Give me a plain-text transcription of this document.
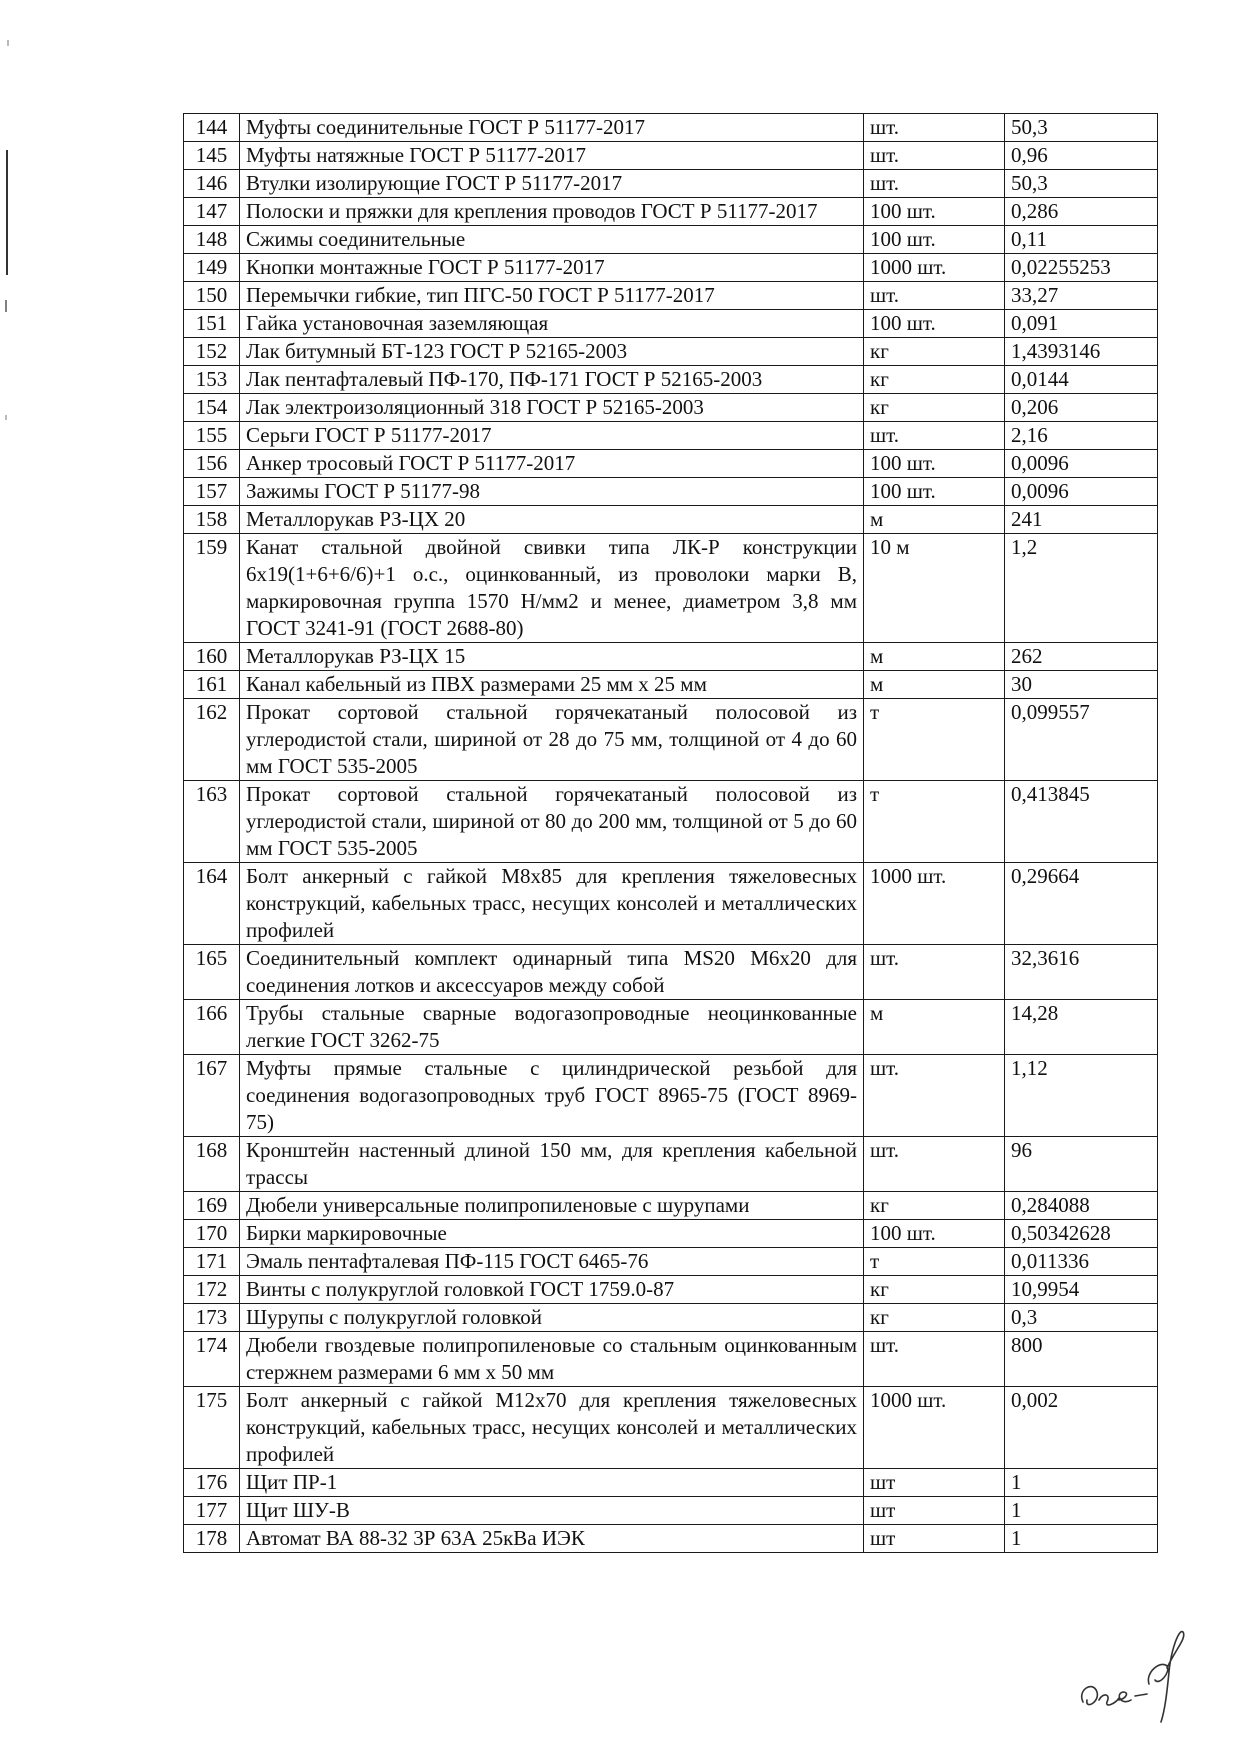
144	Муфты соединительные ГОСТ Р 51177-2017	шт.	50,3
145	Муфты натяжные ГОСТ Р 51177-2017	шт.	0,96
146	Втулки изолирующие ГОСТ Р 51177-2017	шт.	50,3
147	Полоски и пряжки для крепления проводов ГОСТ Р 51177-2017	100 шт.	0,286
148	Сжимы соединительные	100 шт.	0,11
149	Кнопки монтажные ГОСТ Р 51177-2017	1000 шт.	0,02255253
150	Перемычки гибкие, тип ПГС-50 ГОСТ Р 51177-2017	шт.	33,27
151	Гайка установочная заземляющая	100 шт.	0,091
152	Лак битумный БТ-123 ГОСТ Р 52165-2003	кг	1,4393146
153	Лак пентафталевый ПФ-170, ПФ-171 ГОСТ Р 52165-2003	кг	0,0144
154	Лак электроизоляционный 318 ГОСТ Р 52165-2003	кг	0,206
155	Серьги ГОСТ Р 51177-2017	шт.	2,16
156	Анкер тросовый ГОСТ Р 51177-2017	100 шт.	0,0096
157	Зажимы ГОСТ Р 51177-98	100 шт.	0,0096
158	Металлорукав РЗ-ЦХ 20	м	241
159	Канат стальной двойной свивки типа ЛК-Р конструкции 6х19(1+6+6/6)+1 о.с., оцинкованный, из проволоки марки В, маркировочная группа 1570 Н/мм2 и менее, диаметром 3,8 мм ГОСТ 3241-91 (ГОСТ 2688-80)	10 м	1,2
160	Металлорукав РЗ-ЦХ 15	м	262
161	Канал кабельный из ПВХ размерами 25 мм х 25 мм	м	30
162	Прокат сортовой стальной горячекатаный полосовой из углеродистой стали, шириной от 28 до 75 мм, толщиной от 4 до 60 мм ГОСТ 535-2005	т	0,099557
163	Прокат сортовой стальной горячекатаный полосовой из углеродистой стали, шириной от 80 до 200 мм, толщиной от 5 до 60 мм ГОСТ 535-2005	т	0,413845
164	Болт анкерный с гайкой М8х85 для крепления тяжеловесных конструкций, кабельных трасс, несущих консолей и металлических профилей	1000 шт.	0,29664
165	Соединительный комплект одинарный типа MS20 М6х20 для соединения лотков и аксессуаров между собой	шт.	32,3616
166	Трубы стальные сварные водогазопроводные неоцинкованные легкие ГОСТ 3262-75	м	14,28
167	Муфты прямые стальные с цилиндрической резьбой для соединения водогазопроводных труб ГОСТ 8965-75 (ГОСТ 8969-75)	шт.	1,12
168	Кронштейн настенный длиной 150 мм, для крепления кабельной трассы	шт.	96
169	Дюбели универсальные полипропиленовые с шурупами	кг	0,284088
170	Бирки маркировочные	100 шт.	0,50342628
171	Эмаль пентафталевая ПФ-115 ГОСТ 6465-76	т	0,011336
172	Винты с полукруглой головкой ГОСТ 1759.0-87	кг	10,9954
173	Шурупы с полукруглой головкой	кг	0,3
174	Дюбели гвоздевые полипропиленовые со стальным оцинкованным стержнем размерами 6 мм х 50 мм	шт.	800
175	Болт анкерный с гайкой М12х70 для крепления тяжеловесных конструкций, кабельных трасс, несущих консолей и металлических профилей	1000 шт.	0,002
176	Щит ПР-1	шт	1
177	Щит ШУ-В	шт	1
178	Автомат ВА 88-32 3Р 63А 25кВа ИЭК	шт	1
